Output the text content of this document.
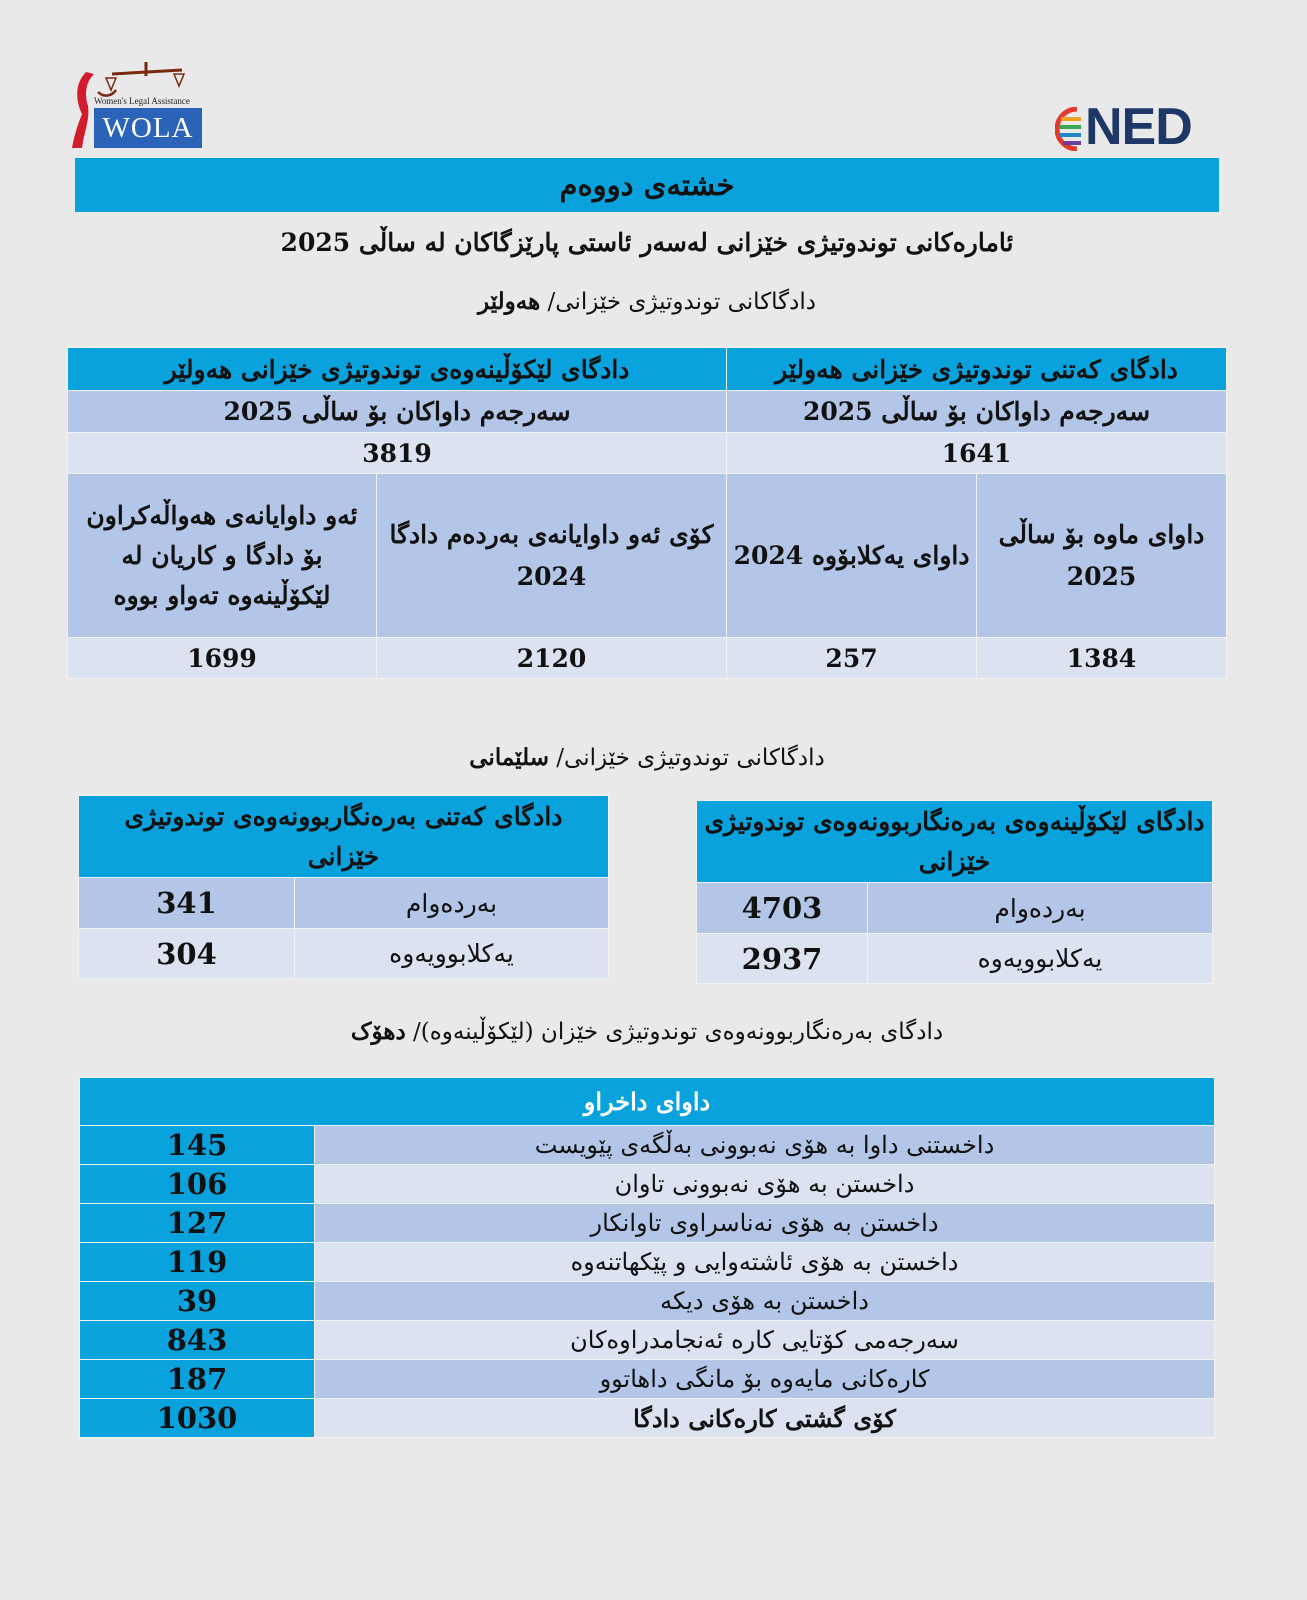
Women's Legal Assistance
WOLA	NED
خشتەی دووەم
ئامارەکانی توندوتیژی خێزانی لەسەر ئاستی پارێزگاکان لە ساڵی 2025
دادگاکانی توندوتیژی خێزانی/ هەولێر
دادگای کەتنی توندوتیژی خێزانی هەولێر		دادگای لێکۆڵینەوەی توندوتیژی خێزانی هەولێر	
سەرجەم داواکان بۆ ساڵی 2025		سەرجەم داواکان بۆ ساڵی 2025	
1641		3819	
داوای ماوە بۆ ساڵی 2025	داوای یەکلابۆوە 2024	کۆی ئەو داوایانەی بەردەم دادگا 2024	ئەو داوایانەی هەواڵەکراون بۆ دادگا و کاریان لە لێکۆڵینەوە تەواو بووە
1384	257	2120	1699
دادگاکانی توندوتیژی خێزانی/ سلێمانی
دادگای لێکۆڵینەوەی بەرەنگاربوونەوەی توندوتیژی خێزانی	
بەردەوام	4703
یەکلابوویەوە	2937
دادگای کەتنی بەرەنگاربوونەوەی توندوتیژی خێزانی	
بەردەوام	341
یەکلابوویەوە	304
دادگای بەرەنگاربوونەوەی توندوتیژی خێزان (لێکۆڵینەوە)/ دهۆک
داوای داخراو	
داخستنی داوا بە هۆی نەبوونی بەڵگەی پێویست	145
داخستن بە هۆی نەبوونی تاوان	106
داخستن بە هۆی نەناسراوی تاوانکار	127
داخستن بە هۆی ئاشتەوایی و پێکهاتنەوە	119
داخستن بە هۆی دیکە	39
سەرجەمی کۆتایی کارە ئەنجامدراوەکان	843
کارەکانی مایەوە بۆ مانگی داهاتوو	187
کۆی گشتی کارەکانی دادگا	1030
